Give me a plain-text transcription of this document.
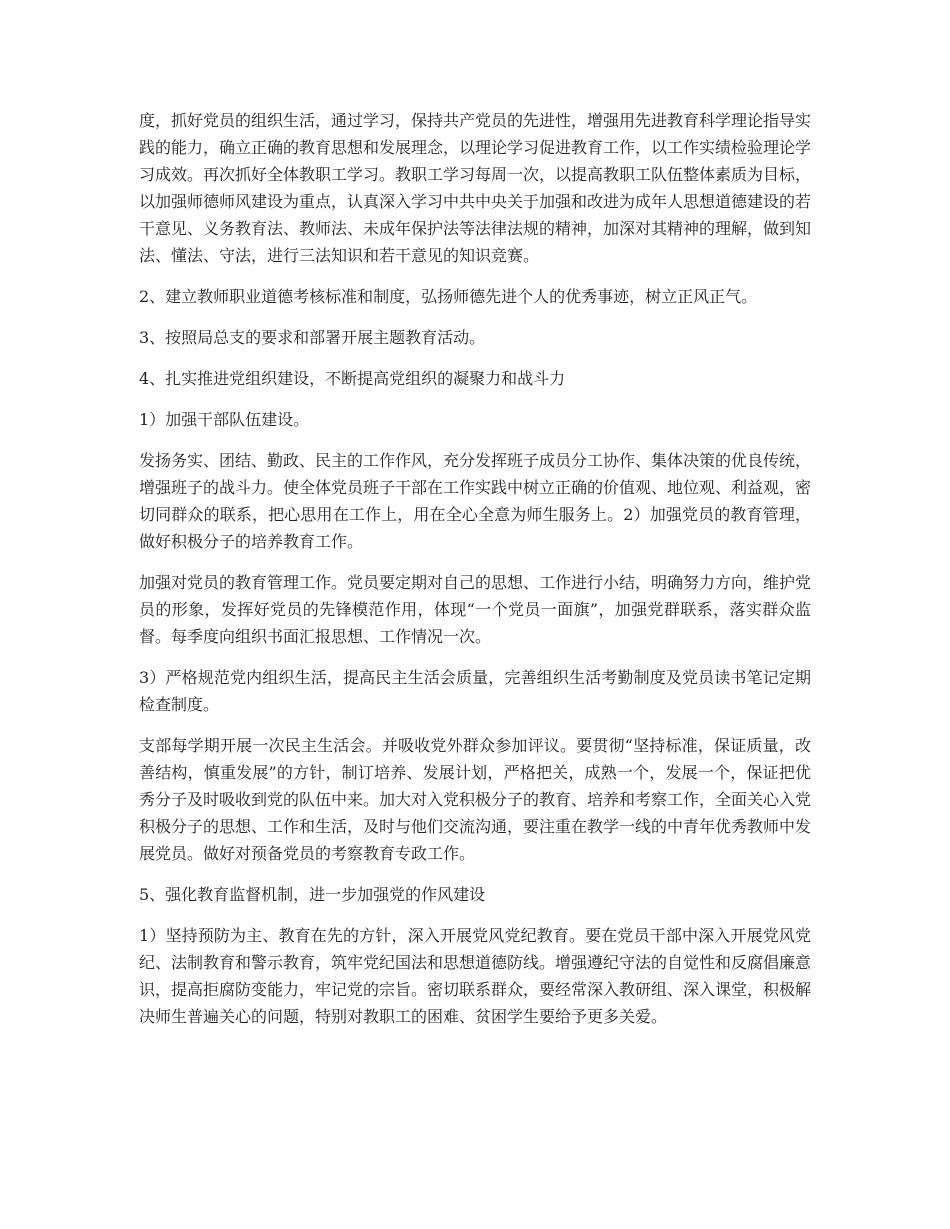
度，抓好党员的组织生活，通过学习，保持共产党员的先进性，增强用先进教育科学理论指导实践的能力，确立正确的教育思想和发展理念，以理论学习促进教育工作，以工作实绩检验理论学习成效。再次抓好全体教职工学习。教职工学习每周一次，以提高教职工队伍整体素质为目标，以加强师德师风建设为重点，认真深入学习中共中央关于加强和改进为成年人思想道德建设的若干意见、义务教育法、教师法、未成年保护法等法律法规的精神，加深对其精神的理解，做到知法、懂法、守法，进行三法知识和若干意见的知识竞赛。

2、建立教师职业道德考核标准和制度，弘扬师德先进个人的优秀事迹，树立正风正气。

3、按照局总支的要求和部署开展主题教育活动。

4、扎实推进党组织建设，不断提高党组织的凝聚力和战斗力

1）加强干部队伍建设。

发扬务实、团结、勤政、民主的工作作风，充分发挥班子成员分工协作、集体决策的优良传统，增强班子的战斗力。使全体党员班子干部在工作实践中树立正确的价值观、地位观、利益观，密切同群众的联系，把心思用在工作上，用在全心全意为师生服务上。2）加强党员的教育管理，做好积极分子的培养教育工作。

加强对党员的教育管理工作。党员要定期对自己的思想、工作进行小结，明确努力方向，维护党员的形象，发挥好党员的先锋模范作用，体现“一个党员一面旗”，加强党群联系，落实群众监督。每季度向组织书面汇报思想、工作情况一次。

3）严格规范党内组织生活，提高民主生活会质量，完善组织生活考勤制度及党员读书笔记定期检查制度。

支部每学期开展一次民主生活会。并吸收党外群众参加评议。要贯彻“坚持标准，保证质量，改善结构，慎重发展”的方针，制订培养、发展计划，严格把关，成熟一个，发展一个，保证把优秀分子及时吸收到党的队伍中来。加大对入党积极分子的教育、培养和考察工作，全面关心入党积极分子的思想、工作和生活，及时与他们交流沟通，要注重在教学一线的中青年优秀教师中发展党员。做好对预备党员的考察教育专政工作。

5、强化教育监督机制，进一步加强党的作风建设

1）坚持预防为主、教育在先的方针，深入开展党风党纪教育。要在党员干部中深入开展党风党纪、法制教育和警示教育，筑牢党纪国法和思想道德防线。增强遵纪守法的自觉性和反腐倡廉意识，提高拒腐防变能力，牢记党的宗旨。密切联系群众，要经常深入教研组、深入课堂，积极解决师生普遍关心的问题，特别对教职工的困难、贫困学生要给予更多关爱。
